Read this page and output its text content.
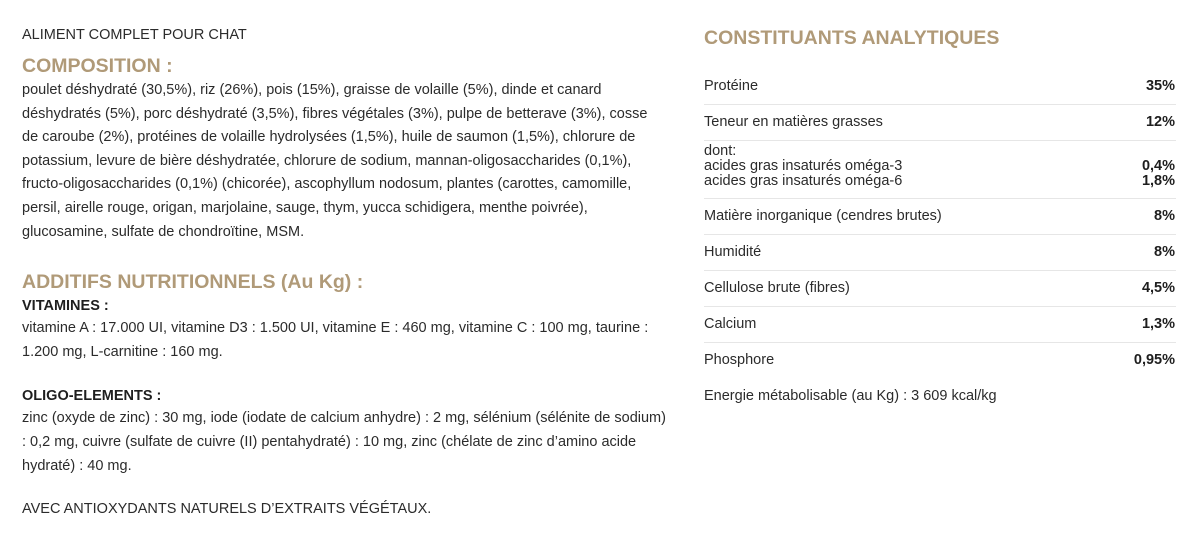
ALIMENT COMPLET POUR CHAT
COMPOSITION :

poulet déshydraté (30,5%), riz (26%), pois (15%), graisse de volaille (5%), dinde et canard déshydratés (5%), porc déshydraté (3,5%), fibres végétales (3%), pulpe de betterave (3%), cosse de caroube (2%), protéines de volaille hydrolysées (1,5%), huile de saumon (1,5%), chlorure de potassium, levure de bière déshydratée, chlorure de sodium, mannan-oligosaccharides (0,1%), fructo-oligosaccharides (0,1%) (chicorée), ascophyllum nodosum, plantes (carottes, camomille, persil, airelle rouge, origan, marjolaine, sauge, thym, yucca schidigera, menthe poivrée), glucosamine, sulfate de chondroïtine, MSM.

ADDITIFS NUTRITIONNELS (Au Kg) :
VITAMINES :

vitamine A : 17.000 UI, vitamine D3 : 1.500 UI, vitamine E : 460 mg, vitamine C : 100 mg, taurine : 1.200 mg, L-carnitine : 160 mg.

OLIGO-ELEMENTS :

zinc (oxyde de zinc) : 30 mg, iode (iodate de calcium anhydre) : 2 mg, sélénium (sélénite de sodium) : 0,2 mg, cuivre (sulfate de cuivre (II) pentahydraté) : 10 mg, zinc (chélate de zinc d’amino acide hydraté) : 40 mg.

AVEC ANTIOXYDANTS NATURELS D’EXTRAITS VÉGÉTAUX.
CONSTITUANTS ANALYTIQUES
Protéine	35%
Teneur en matières grasses	12%
dont:
acides gras insaturés oméga-3	0,4%
acides gras insaturés oméga-6	1,8%
Matière inorganique (cendres brutes)	8%
Humidité	8%
Cellulose brute (fibres)	4,5%
Calcium	1,3%
Phosphore	0,95%
Energie métabolisable (au Kg) : 3 609 kcal/kg
